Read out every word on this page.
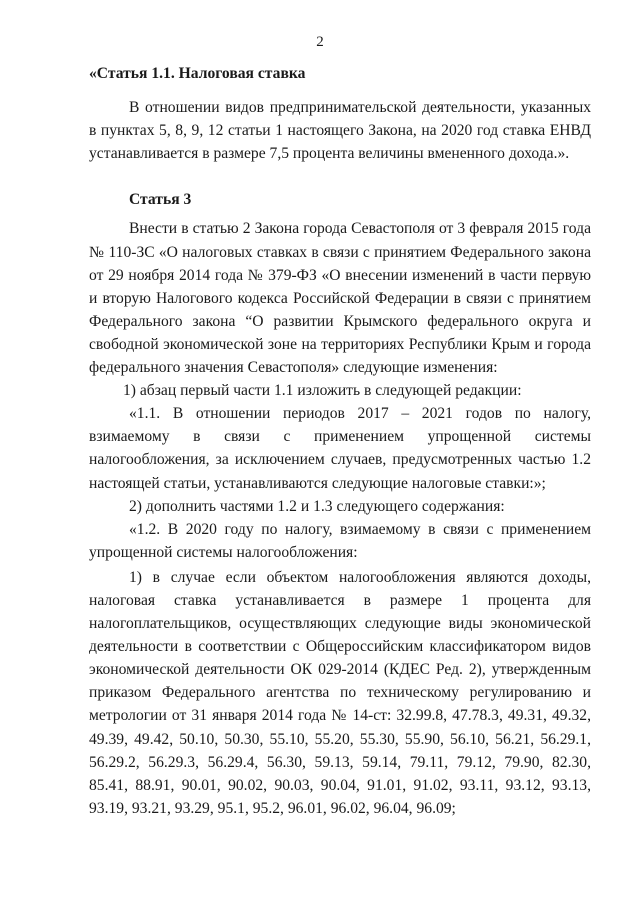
2

«Статья 1.1. Налоговая ставка

В отношении видов предпринимательской деятельности, указанных в пунктах 5, 8, 9, 12 статьи 1 настоящего Закона, на 2020 год ставка ЕНВД устанавливается в размере 7,5 процента величины вмененного дохода.».

Статья 3

Внести в статью 2 Закона города Севастополя от 3 февраля 2015 года № 110-ЗС «О налоговых ставках в связи с принятием Федерального закона от 29 ноября 2014 года № 379-ФЗ «О внесении изменений в части первую и вторую Налогового кодекса Российской Федерации в связи с принятием Федерального закона “О развитии Крымского федерального округа и свободной экономической зоне на территориях Республики Крым и города федерального значения Севастополя» следующие изменения:

1) абзац первый части 1.1 изложить в следующей редакции:

«1.1. В отношении периодов 2017 – 2021 годов по налогу, взимаемому в связи с применением упрощенной системы налогообложения, за исключением случаев, предусмотренных частью 1.2 настоящей статьи, устанавливаются следующие налоговые ставки:»;

2) дополнить частями 1.2 и 1.3 следующего содержания:

«1.2. В 2020 году по налогу, взимаемому в связи с применением упрощенной системы налогообложения:

1) в случае если объектом налогообложения являются доходы, налоговая ставка устанавливается в размере 1 процента для налогоплательщиков, осуществляющих следующие виды экономической деятельности в соответствии с Общероссийским классификатором видов экономической деятельности ОК 029-2014 (КДЕС Ред. 2), утвержденным приказом Федерального агентства по техническому регулированию и метрологии от 31 января 2014 года № 14-ст: 32.99.8, 47.78.3, 49.31, 49.32, 49.39, 49.42, 50.10, 50.30, 55.10, 55.20, 55.30, 55.90, 56.10, 56.21, 56.29.1, 56.29.2, 56.29.3, 56.29.4, 56.30, 59.13, 59.14, 79.11, 79.12, 79.90, 82.30, 85.41, 88.91, 90.01, 90.02, 90.03, 90.04, 91.01, 91.02, 93.11, 93.12, 93.13, 93.19, 93.21, 93.29, 95.1, 95.2, 96.01, 96.02, 96.04, 96.09;
